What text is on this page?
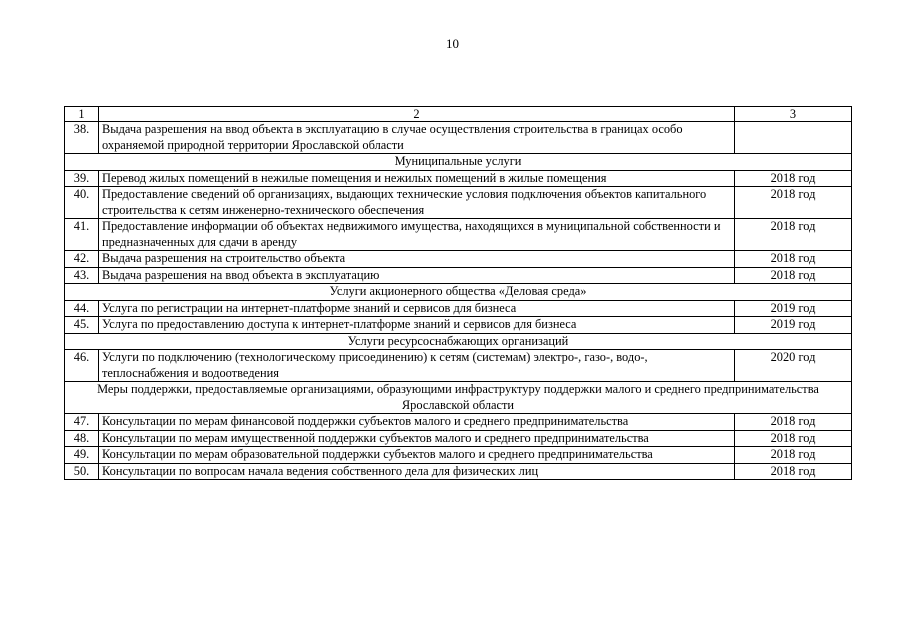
10
1	2	3
38.	Выдача разрешения на ввод объекта в эксплуатацию в случае осуществления строительства в границах особо охраняемой природной территории Ярославской области	
Муниципальные услуги		
39.	Перевод жилых помещений в нежилые помещения и нежилых помещений в жилые помещения	2018 год
40.	Предоставление сведений об организациях, выдающих технические условия подключения объектов капитального строительства к сетям инженерно-технического обеспечения	2018 год
41.	Предоставление информации об объектах недвижимого имущества, находящихся в муниципальной собственности и предназначенных для сдачи в аренду	2018 год
42.	Выдача разрешения на строительство объекта	2018 год
43.	Выдача разрешения на ввод объекта в эксплуатацию	2018 год
Услуги акционерного общества «Деловая среда»		
44.	Услуга по регистрации на интернет-платформе знаний и сервисов для бизнеса	2019 год
45.	Услуга по предоставлению доступа к интернет-платформе знаний и сервисов для бизнеса	2019 год
Услуги ресурсоснабжающих организаций		
46.	Услуги по подключению (технологическому присоединению) к сетям (системам) электро-, газо-, водо-, теплоснабжения и водоотведения	2020 год
Меры поддержки, предоставляемые организациями, образующими инфраструктуру поддержки малого и среднего предпринимательства Ярославской области		
47.	Консультации по мерам финансовой поддержки субъектов малого и среднего предпринимательства	2018 год
48.	Консультации по мерам имущественной поддержки субъектов малого и среднего предпринимательства	2018 год
49.	Консультации по мерам образовательной поддержки субъектов малого и среднего предпринимательства	2018 год
50.	Консультации по вопросам начала ведения собственного дела для физических лиц	2018 год
